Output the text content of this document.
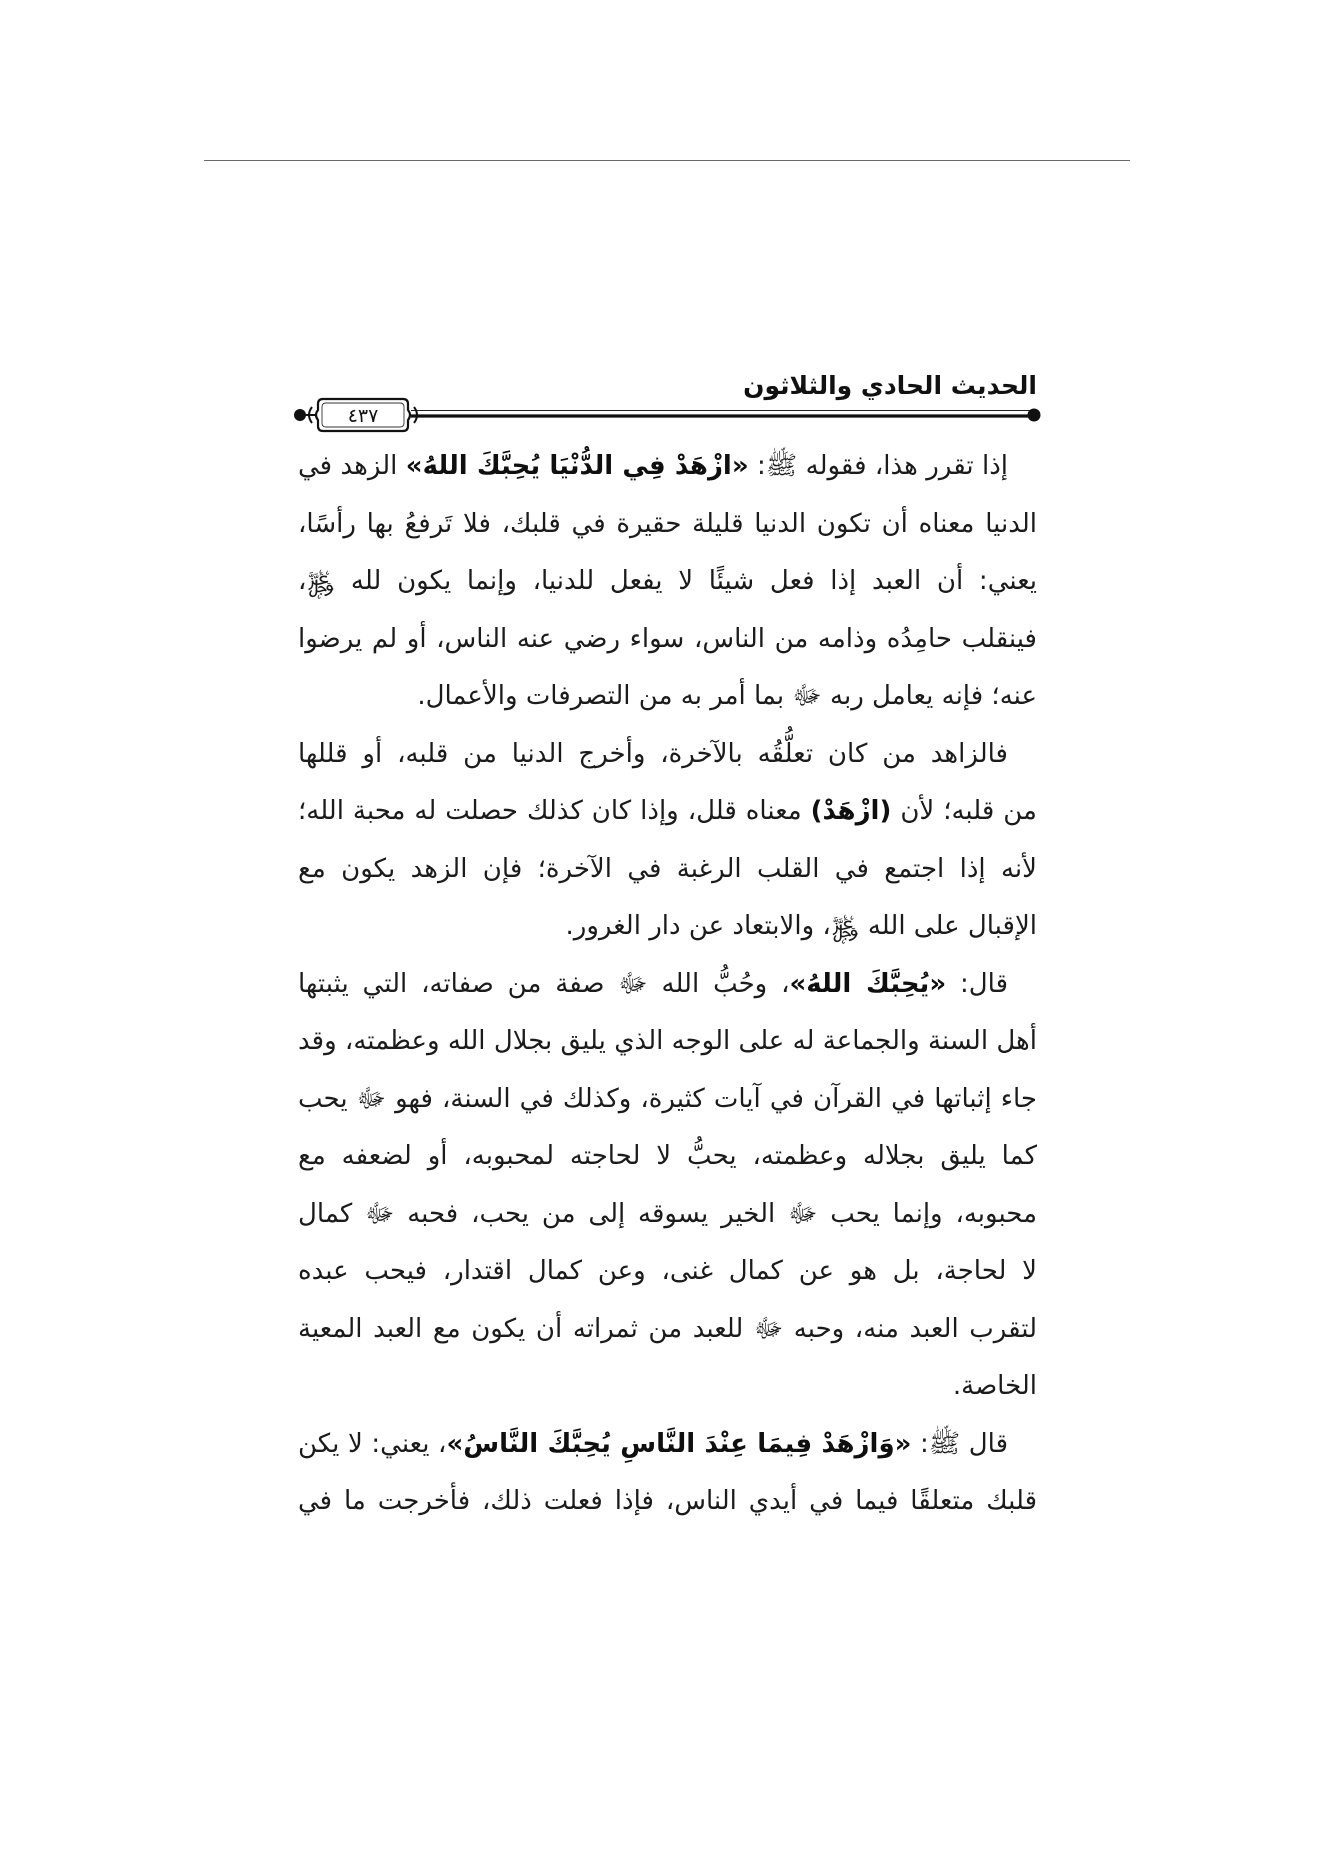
الحديث الحادي والثلاثون
٤٣٧
إذا تقرر هذا، فقوله ﷺ: «ازْهَدْ فِي الدُّنْيَا يُحِبَّكَ اللهُ» الزهد في
الدنيا معناه أن تكون الدنيا قليلة حقيرة في قلبك، فلا تَرفعُ بها رأسًا،
يعني: أن العبد إذا فعل شيئًا لا يفعل للدنيا، وإنما يكون لله ﷿،
فينقلب حامِدُه وذامه من الناس، سواء رضي عنه الناس، أو لم يرضوا
عنه؛ فإنه يعامل ربه ﷻ بما أمر به من التصرفات والأعمال.
فالزاهد من كان تعلُّقُه بالآخرة، وأخرج الدنيا من قلبه، أو قللها
من قلبه؛ لأن (ازْهَدْ) معناه قلل، وإذا كان كذلك حصلت له محبة الله؛
لأنه إذا اجتمع في القلب الرغبة في الآخرة؛ فإن الزهد يكون مع
الإقبال على الله ﷿، والابتعاد عن دار الغرور.
قال: «يُحِبَّكَ اللهُ»، وحُبُّ الله ﷻ صفة من صفاته، التي يثبتها
أهل السنة والجماعة له على الوجه الذي يليق بجلال الله وعظمته، وقد
جاء إثباتها في القرآن في آيات كثيرة، وكذلك في السنة، فهو ﷻ يحب
كما يليق بجلاله وعظمته، يحبُّ لا لحاجته لمحبوبه، أو لضعفه مع
محبوبه، وإنما يحب ﷻ الخير يسوقه إلى من يحب، فحبه ﷻ كمال
لا لحاجة، بل هو عن كمال غنى، وعن كمال اقتدار، فيحب عبده
لتقرب العبد منه، وحبه ﷻ للعبد من ثمراته أن يكون مع العبد المعية
الخاصة.
قال ﷺ: «وَازْهَدْ فِيمَا عِنْدَ النَّاسِ يُحِبَّكَ النَّاسُ»، يعني: لا يكن
قلبك متعلقًا فيما في أيدي الناس، فإذا فعلت ذلك، فأخرجت ما في
